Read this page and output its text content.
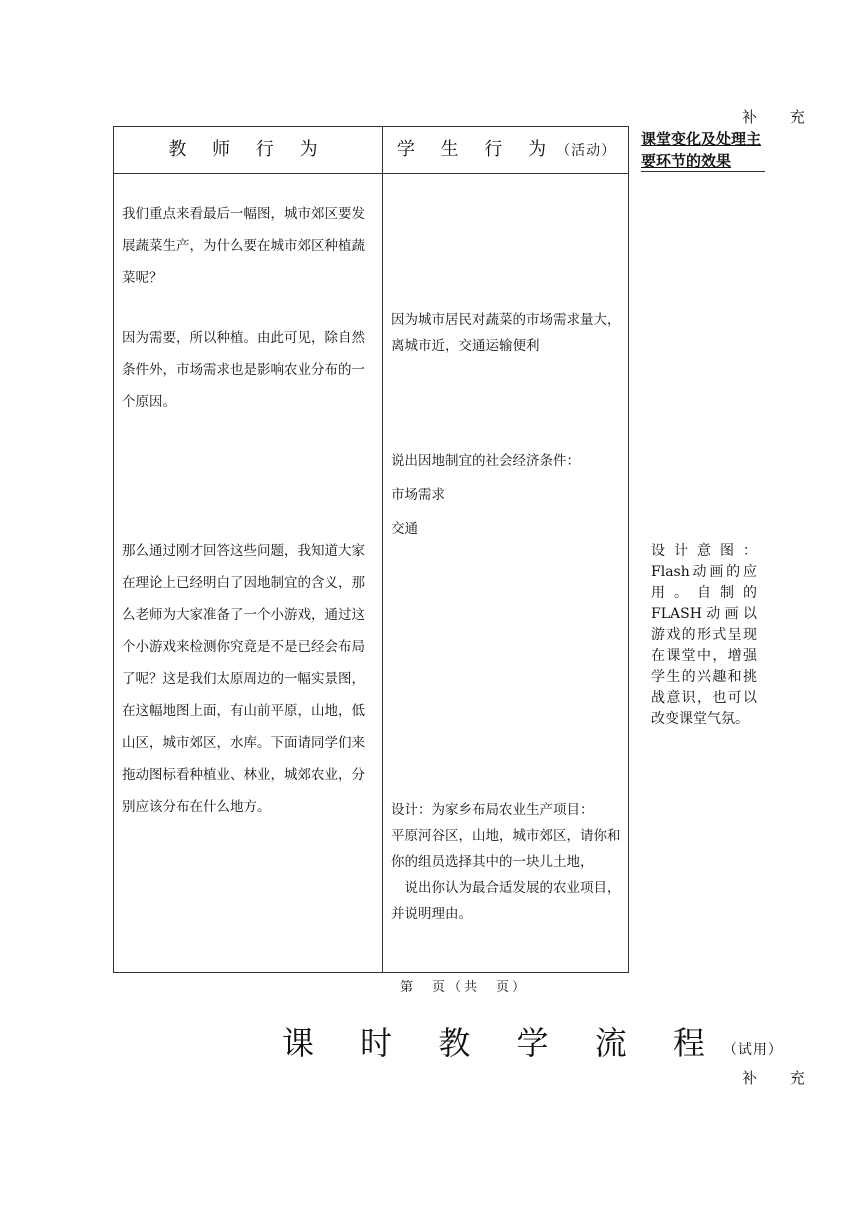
补 充
教 师 行 为	学 生 行 为（活动）
我们重点来看最后一幅图，城市郊区要发展蔬菜生产，为什么要在城市郊区种植蔬菜呢？
因为需要，所以种植。由此可见，除自然条件外，市场需求也是影响农业分布的一个原因。
那么通过刚才回答这些问题，我知道大家在理论上已经明白了因地制宜的含义，那么老师为大家准备了一个小游戏，通过这个小游戏来检测你究竟是不是已经会布局了呢？这是我们太原周边的一幅实景图，在这幅地图上面，有山前平原，山地，低山区，城市郊区，水库。下面请同学们来拖动图标看种植业、林业，城郊农业，分别应该分布在什么地方。
因为城市居民对蔬菜的市场需求量大，离城市近，交通运输便利
说出因地制宜的社会经济条件：
市场需求
交通
设计：为家乡布局农业生产项目：
平原河谷区，山地，城市郊区，请你和你的组员选择其中的一块儿土地，
　说出你认为最合适发展的农业项目，并说明理由。
课堂变化及处理主要环节的效果
设计意图：Flash动画的应用。自制的FLASH动画以游戏的形式呈现在课堂中，增强学生的兴趣和挑战意识，也可以改变课堂气氛。
第　页（共　页）
课 时 教 学 流 程（试用）
补 充
